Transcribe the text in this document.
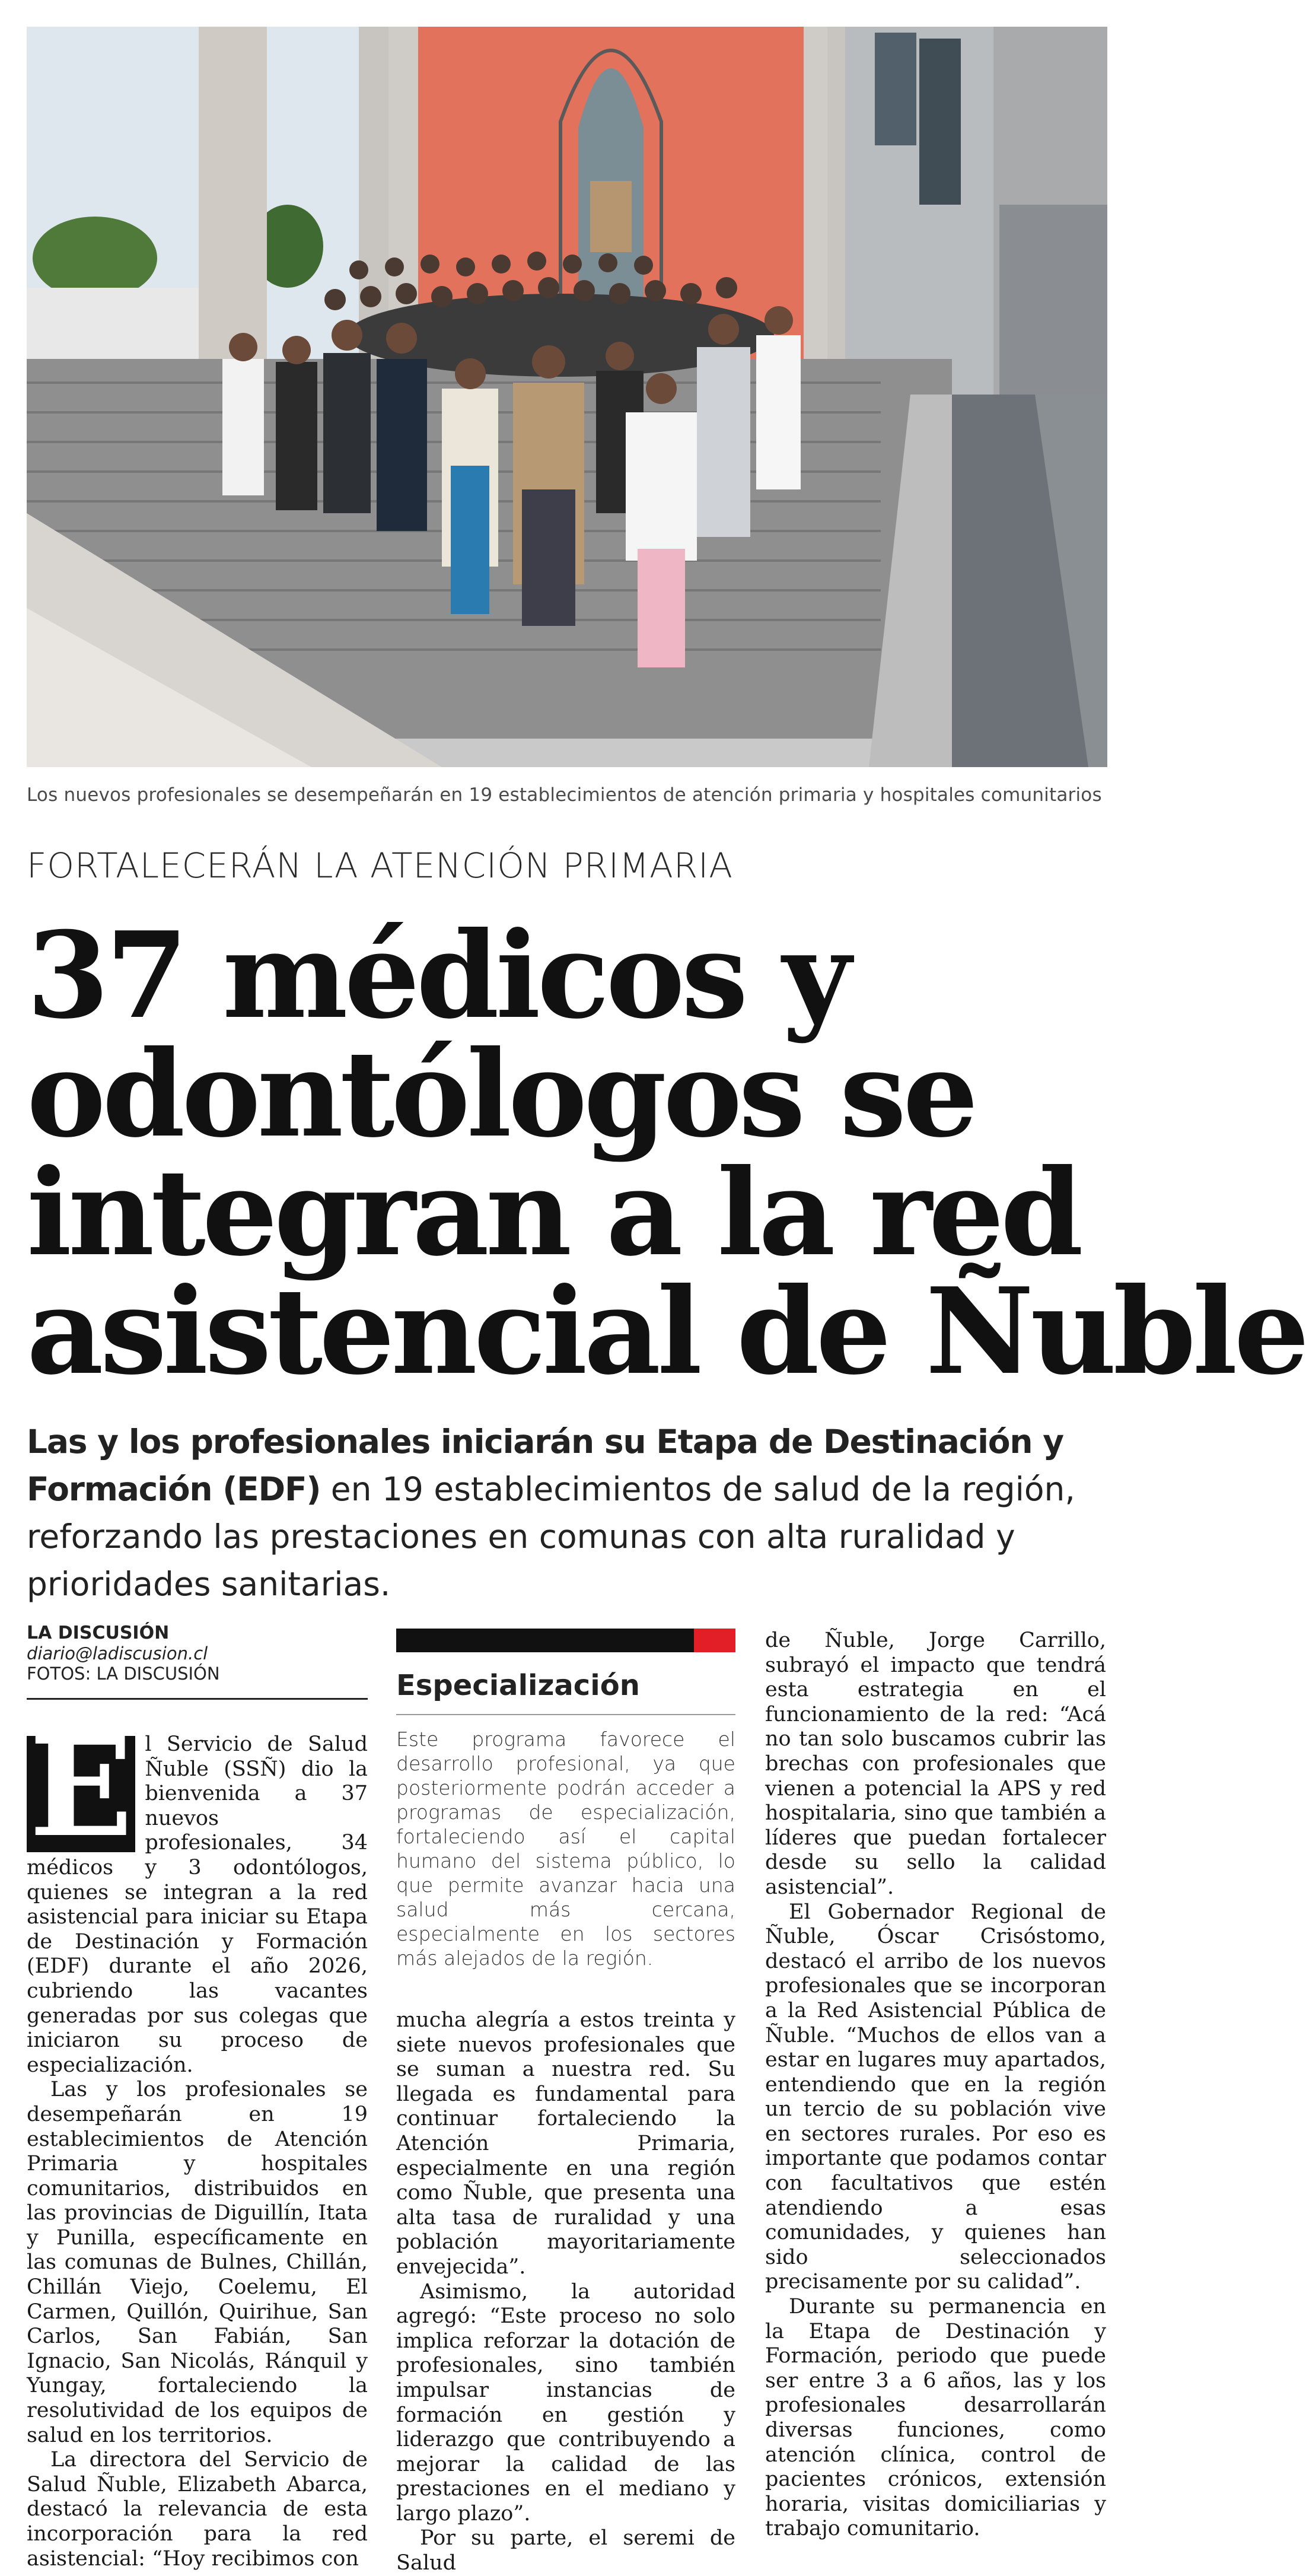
Los nuevos profesionales se desempeñarán en 19 establecimientos de atención primaria y hospitales comunitarios
FORTALECERÁN LA ATENCIÓN PRIMARIA
37 médicos y
odontólogos se
integran a la red
asistencial de Ñuble
Las y los profesionales iniciarán su Etapa de Destinación y Formación (EDF) en 19 establecimientos de salud de la región, reforzando las prestaciones en comunas con alta ruralidad y prioridades sanitarias.
LA DISCUSIÓN
diario@ladiscusion.cl
FOTOS: LA DISCUSIÓN

E l Servicio de Salud Ñuble (SSÑ) dio la bienvenida a 37 nuevos profesionales, 34 médicos y 3 odontólogos, quienes se integran a la red asistencial para iniciar su Etapa de Destinación y Formación (EDF) durante el año 2026, cubriendo las vacantes generadas por sus colegas que iniciaron su proceso de especialización.

Las y los profesionales se desempeñarán en 19 establecimientos de Atención Primaria y hospitales comunitarios, distribuidos en las provincias de Diguillín, Itata y Punilla, específicamente en las comunas de Bulnes, Chillán, Chillán Viejo, Coelemu, El Carmen, Quillón, Quirihue, San Carlos, San Fabián, San Ignacio, San Nicolás, Ránquil y Yungay, fortaleciendo la resolutividad de los equipos de salud en los territorios.

La directora del Servicio de Salud Ñuble, Elizabeth Abarca, destacó la relevancia de esta incorporación para la red asistencial: “Hoy recibimos con

Especialización
Este programa favorece el desarrollo profesional, ya que posteriormente podrán acceder a programas de especialización, fortaleciendo así el capital humano del sistema público, lo que permite avanzar hacia una salud más cercana, especialmente en los sectores más alejados de la región.

mucha alegría a estos treinta y siete nuevos profesionales que se suman a nuestra red. Su llegada es fundamental para continuar fortaleciendo la Atención Primaria, especialmente en una región como Ñuble, que presenta una alta tasa de ruralidad y una población mayoritariamente envejecida”.

Asimismo, la autoridad agregó: “Este proceso no solo implica reforzar la dotación de profesionales, sino también impulsar instancias de formación en gestión y liderazgo que contribuyendo a mejorar la calidad de las prestaciones en el mediano y largo plazo”.

Por su parte, el seremi de Salud

de Ñuble, Jorge Carrillo, subrayó el impacto que tendrá esta estrategia en el funcionamiento de la red: “Acá no tan solo buscamos cubrir las brechas con profesionales que vienen a potencial la APS y red hospitalaria, sino que también a líderes que puedan fortalecer desde su sello la calidad asistencial”.

El Gobernador Regional de Ñuble, Óscar Crisóstomo, destacó el arribo de los nuevos profesionales que se incorporan a la Red Asistencial Pública de Ñuble. “Muchos de ellos van a estar en lugares muy apartados, entendiendo que en la región un tercio de su población vive en sectores rurales. Por eso es importante que podamos contar con facultativos que estén atendiendo a esas comunidades, y quienes han sido seleccionados precisamente por su calidad”.

Durante su permanencia en la Etapa de Destinación y Formación, periodo que puede ser entre 3 a 6 años, las y los profesionales desarrollarán diversas funciones, como atención clínica, control de pacientes crónicos, extensión horaria, visitas domiciliarias y trabajo comunitario.
